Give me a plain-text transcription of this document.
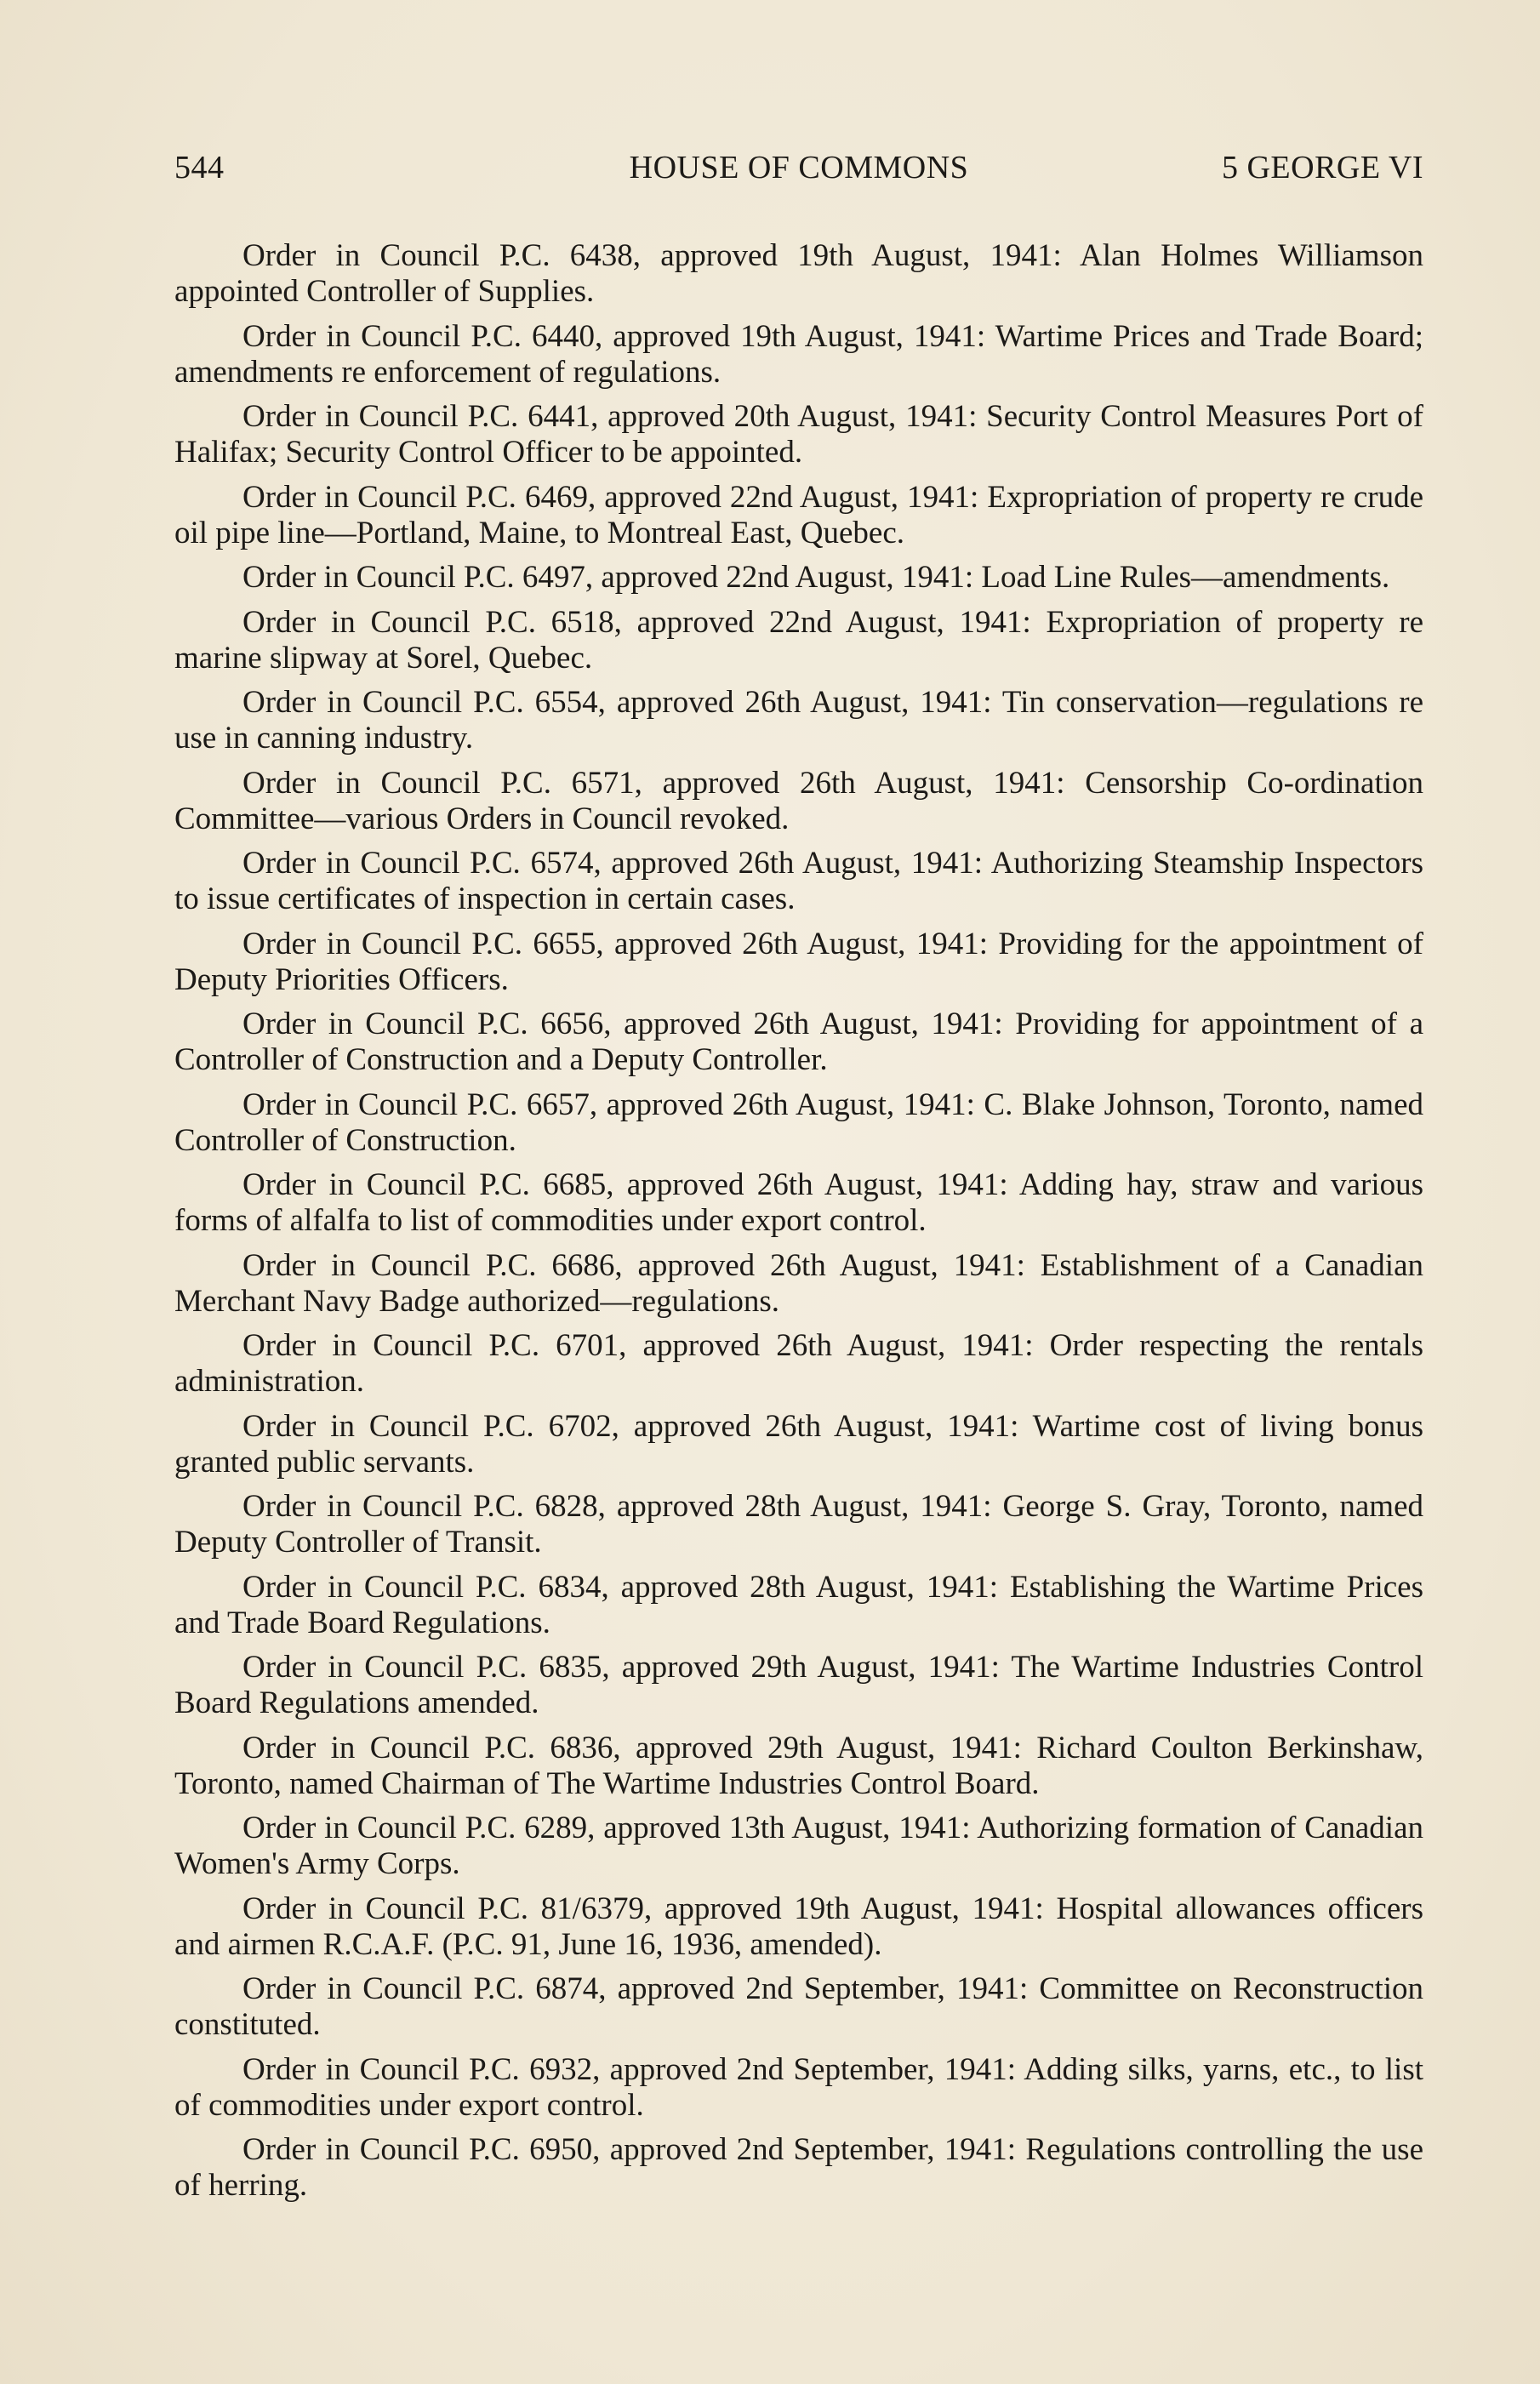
544	HOUSE OF COMMONS	5 GEORGE VI

Order in Council P.C. 6438, approved 19th August, 1941: Alan Holmes Williamson appointed Controller of Supplies.

Order in Council P.C. 6440, approved 19th August, 1941: Wartime Prices and Trade Board; amendments re enforcement of regulations.

Order in Council P.C. 6441, approved 20th August, 1941: Security Control Measures Port of Halifax; Security Control Officer to be appointed.

Order in Council P.C. 6469, approved 22nd August, 1941: Expropriation of property re crude oil pipe line—Portland, Maine, to Montreal East, Quebec.

Order in Council P.C. 6497, approved 22nd August, 1941: Load Line Rules—amendments.

Order in Council P.C. 6518, approved 22nd August, 1941: Expropriation of property re marine slipway at Sorel, Quebec.

Order in Council P.C. 6554, approved 26th August, 1941: Tin conservation—regulations re use in canning industry.

Order in Council P.C. 6571, approved 26th August, 1941: Censorship Co-ordination Committee—various Orders in Council revoked.

Order in Council P.C. 6574, approved 26th August, 1941: Authorizing Steamship Inspectors to issue certificates of inspection in certain cases.

Order in Council P.C. 6655, approved 26th August, 1941: Providing for the appointment of Deputy Priorities Officers.

Order in Council P.C. 6656, approved 26th August, 1941: Providing for appointment of a Controller of Construction and a Deputy Controller.

Order in Council P.C. 6657, approved 26th August, 1941: C. Blake Johnson, Toronto, named Controller of Construction.

Order in Council P.C. 6685, approved 26th August, 1941: Adding hay, straw and various forms of alfalfa to list of commodities under export control.

Order in Council P.C. 6686, approved 26th August, 1941: Establishment of a Canadian Merchant Navy Badge authorized—regulations.

Order in Council P.C. 6701, approved 26th August, 1941: Order respecting the rentals administration.

Order in Council P.C. 6702, approved 26th August, 1941: Wartime cost of living bonus granted public servants.

Order in Council P.C. 6828, approved 28th August, 1941: George S. Gray, Toronto, named Deputy Controller of Transit.

Order in Council P.C. 6834, approved 28th August, 1941: Establishing the Wartime Prices and Trade Board Regulations.

Order in Council P.C. 6835, approved 29th August, 1941: The Wartime Industries Control Board Regulations amended.

Order in Council P.C. 6836, approved 29th August, 1941: Richard Coulton Berkinshaw, Toronto, named Chairman of The Wartime Industries Control Board.

Order in Council P.C. 6289, approved 13th August, 1941: Authorizing formation of Canadian Women's Army Corps.

Order in Council P.C. 81/6379, approved 19th August, 1941: Hospital allowances officers and airmen R.C.A.F. (P.C. 91, June 16, 1936, amended).

Order in Council P.C. 6874, approved 2nd September, 1941: Committee on Reconstruction constituted.

Order in Council P.C. 6932, approved 2nd September, 1941: Adding silks, yarns, etc., to list of commodities under export control.

Order in Council P.C. 6950, approved 2nd September, 1941: Regulations controlling the use of herring.
